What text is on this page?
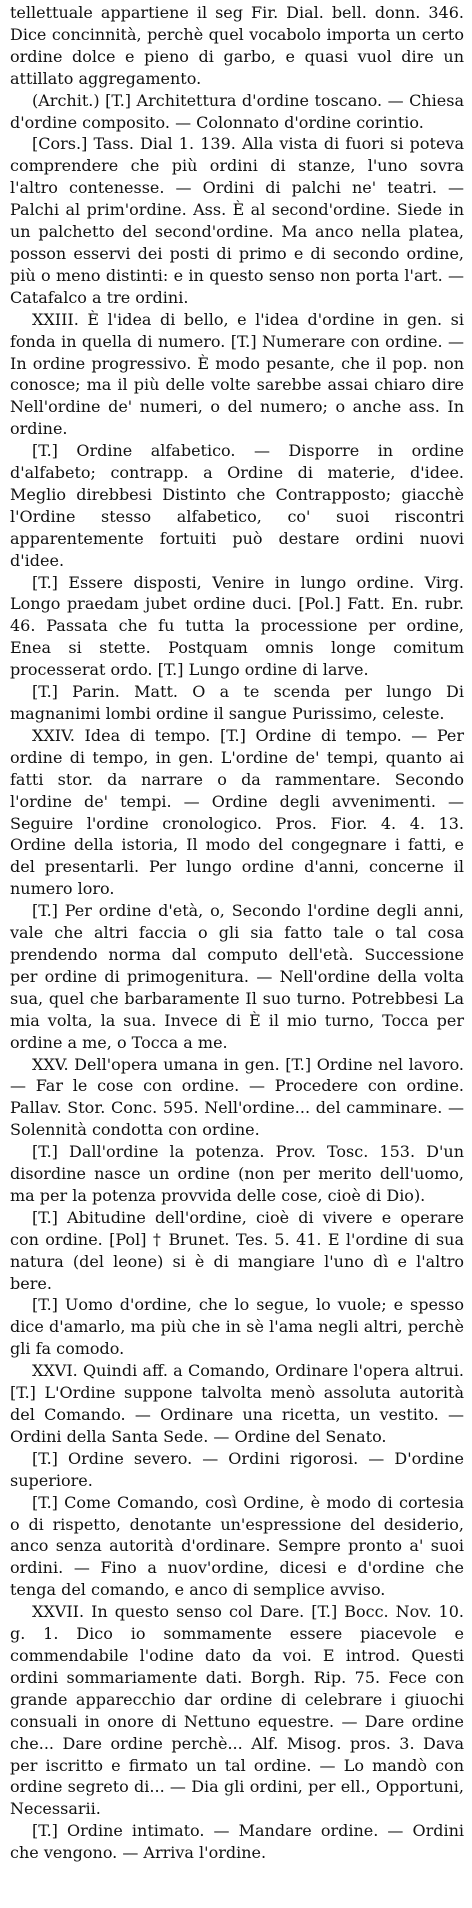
tellettuale appartiene il seg Fir. Dial. bell. donn. 346. Dice concinnità, perchè quel vocabolo importa un certo ordine dolce e pieno di garbo, e quasi vuol dire un attillato aggregamento.

(Archit.) [T.] Architettura d'ordine toscano. — Chiesa d'ordine composito. — Colonnato d'ordine corintio.

[Cors.] Tass. Dial 1. 139. Alla vista di fuori si poteva comprendere che più ordini di stanze, l'uno sovra l'altro contenesse. — Ordini di palchi ne' teatri. — Palchi al prim'ordine. Ass. È al second'ordine. Siede in un palchetto del second'ordine. Ma anco nella platea, posson esservi dei posti di primo e di secondo ordine, più o meno distinti: e in questo senso non porta l'art. — Catafalco a tre ordini.

XXIII. È l'idea di bello, e l'idea d'ordine in gen. si fonda in quella di numero. [T.] Numerare con ordine. — In ordine progressivo. È modo pesante, che il pop. non conosce; ma il più delle volte sarebbe assai chiaro dire Nell'ordine de' numeri, o del numero; o anche ass. In ordine.

[T.] Ordine alfabetico. — Disporre in ordine d'alfabeto; contrapp. a Ordine di materie, d'idee. Meglio direbbesi Distinto che Contrapposto; giacchè l'Ordine stesso alfabetico, co' suoi riscontri apparentemente fortuiti può destare ordini nuovi d'idee.

[T.] Essere disposti, Venire in lungo ordine. Virg. Longo praedam jubet ordine duci. [Pol.] Fatt. En. rubr. 46. Passata che fu tutta la processione per ordine, Enea si stette. Postquam omnis longe comitum processerat ordo. [T.] Lungo ordine di larve.

[T.] Parin. Matt. O a te scenda per lungo Di magnanimi lombi ordine il sangue Purissimo, celeste.

XXIV. Idea di tempo. [T.] Ordine di tempo. — Per ordine di tempo, in gen. L'ordine de' tempi, quanto ai fatti stor. da narrare o da rammentare. Secondo l'ordine de' tempi. — Ordine degli avvenimenti. — Seguire l'ordine cronologico. Pros. Fior. 4. 4. 13. Ordine della istoria, Il modo del congegnare i fatti, e del presentarli. Per lungo ordine d'anni, concerne il numero loro.

[T.] Per ordine d'età, o, Secondo l'ordine degli anni, vale che altri faccia o gli sia fatto tale o tal cosa prendendo norma dal computo dell'età. Successione per ordine di primogenitura. — Nell'ordine della volta sua, quel che barbaramente Il suo turno. Potrebbesi La mia volta, la sua. Invece di È il mio turno, Tocca per ordine a me, o Tocca a me.

XXV. Dell'opera umana in gen. [T.] Ordine nel lavoro. — Far le cose con ordine. — Procedere con ordine. Pallav. Stor. Conc. 595. Nell'ordine... del camminare. — Solennità condotta con ordine.

[T.] Dall'ordine la potenza. Prov. Tosc. 153. D'un disordine nasce un ordine (non per merito dell'uomo, ma per la potenza provvida delle cose, cioè di Dio).

[T.] Abitudine dell'ordine, cioè di vivere e operare con ordine. [Pol] † Brunet. Tes. 5. 41. E l'ordine di sua natura (del leone) si è di mangiare l'uno dì e l'altro bere.

[T.] Uomo d'ordine, che lo segue, lo vuole; e spesso dice d'amarlo, ma più che in sè l'ama negli altri, perchè gli fa comodo.

XXVI. Quindi aff. a Comando, Ordinare l'opera altrui. [T.] L'Ordine suppone talvolta menò assoluta autorità del Comando. — Ordinare una ricetta, un vestito. — Ordini della Santa Sede. — Ordine del Senato.

[T.] Ordine severo. — Ordini rigorosi. — D'ordine superiore.

[T.] Come Comando, così Ordine, è modo di cortesia o di rispetto, denotante un'espressione del desiderio, anco senza autorità d'ordinare. Sempre pronto a' suoi ordini. — Fino a nuov'ordine, dicesi e d'ordine che tenga del comando, e anco di semplice avviso.

XXVII. In questo senso col Dare. [T.] Bocc. Nov. 10. g. 1. Dico io sommamente essere piacevole e commendabile l'odine dato da voi. E introd. Questi ordini sommariamente dati. Borgh. Rip. 75. Fece con grande apparecchio dar ordine di celebrare i giuochi consuali in onore di Nettuno equestre. — Dare ordine che... Dare ordine perchè... Alf. Misog. pros. 3. Dava per iscritto e firmato un tal ordine. — Lo mandò con ordine segreto di... — Dia gli ordini, per ell., Opportuni, Necessarii.

[T.] Ordine intimato. — Mandare ordine. — Ordini che vengono. — Arriva l'ordine.
